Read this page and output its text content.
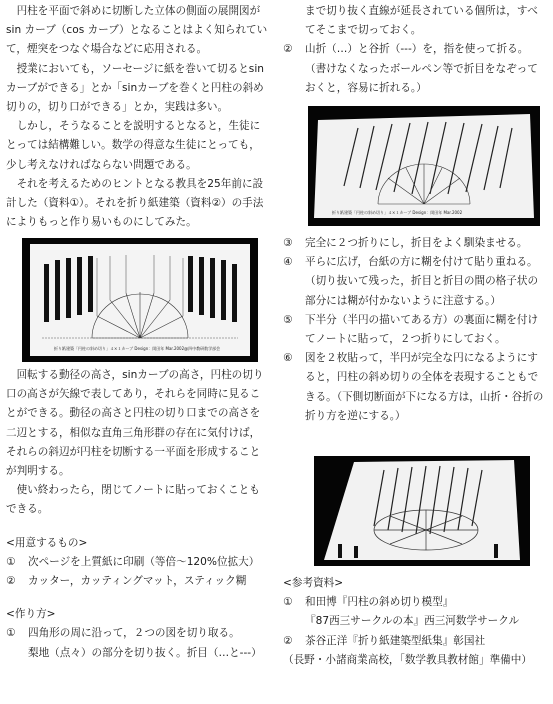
円柱を平面で斜めに切断した立体の側面の展開図が sin カーブ（cos カーブ）となることはよく知られていて，煙突をつなぐ場合などに応用される。

授業においても，ソーセージに紙を巻いて切るとsinカーブができる」とか「sinカーブを巻くと円柱の斜め切りの，切り口ができる」とか，実践は多い。

しかし，そうなることを説明するとなると，生徒にとっては結構難しい。数学の得意な生徒にとっても，少し考えなければならない問題である。

それを考えるためのヒントとなる教具を25年前に設計した（資料①）。それを折り紙建築（資料②）の手法によりもっと作り易いものにしてみた。

折り紙建築「円柱の斜め切り」４×１カーブ Design：岡田年 Mar.2002@四中教研数学部会

回転する動径の高さ，sinカーブの高さ，円柱の切り口の高さが矢線で表してあり，それらを同時に見ることができる。動径の高さと円柱の切り口までの高さを二辺とする，相似な直角三角形群の存在に気付けば，それらの斜辺が円柱を切断する一平面を形成することが判明する。

使い終わったら，閉じてノートに貼っておくこともできる。

<用意するもの>

①	次ページを上質紙に印刷（等倍〜120%位拡大）
②	カッター，カッティングマット，スティック糊

<作り方>

①	四角形の周に沿って，２つの図を切り取る。

梨地（点々）の部分を切り抜く。折目（…と---）

まで切り抜く直線が延長されている個所は，すべてそこまで切っておく。

②	山折（…）と谷折（---）を，指を使って折る。

（書けなくなったボールペン等で折目をなぞっておくと，容易に折れる。）

折り紙建築「円柱の斜め切り」４×１カーブ Design：岡田年 Mar.2002
③	完全に２つ折りにし，折目をよく馴染ませる。
④	平らに広げ，台紙の方に糊を付けて貼り重ねる。

（切り抜いて残った，折目と折目の間の格子状の部分には糊が付かないように注意する。）

⑤	下半分（半円の描いてある方）の裏面に糊を付けてノートに貼って，２つ折りにしておく。
⑥	図を２枚貼って，半円が完全な円になるようにすると，円柱の斜め切りの全体を表現することもできる。（下側切断面が下になる方は，山折・谷折の折り方を逆にする。）

<参考資料>

①	和田博『円柱の斜め切り模型』

『87西三サークルの本』西三河数学サークル

②	茶谷正洋『折り紙建築型紙集』彰国社

（長野・小諸商業高校，「数学教具教材館」準備中）
